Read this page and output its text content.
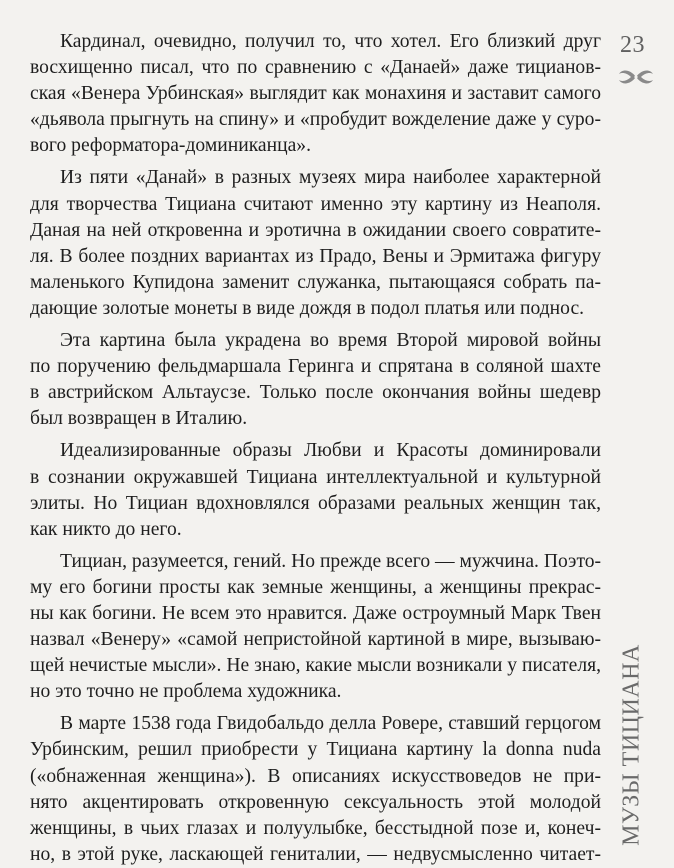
23

Кардинал, очевидно, получил то, что хотел. Его близкий друг
восхищенно писал, что по сравнению с «Данаей» даже тицианов-
ская «Венера Урбинская» выглядит как монахиня и заставит самого
«дьявола прыгнуть на спину» и «пробудит вожделение даже у суро-
вого реформатора-доминиканца».

Из пяти «Данай» в разных музеях мира наиболее характерной
для творчества Тициана считают именно эту картину из Неаполя.
Даная на ней откровенна и эротична в ожидании своего совратите-
ля. В более поздних вариантах из Прадо, Вены и Эрмитажа фигуру
маленького Купидона заменит служанка, пытающаяся собрать па-
дающие золотые монеты в виде дождя в подол платья или поднос.

Эта картина была украдена во время Второй мировой войны
по поручению фельдмаршала Геринга и спрятана в соляной шахте
в австрийском Альтаусзе. Только после окончания войны шедевр
был возвращен в Италию.

Идеализированные образы Любви и Красоты доминировали
в сознании окружавшей Тициана интеллектуальной и культурной
элиты. Но Тициан вдохновлялся образами реальных женщин так,
как никто до него.

Тициан, разумеется, гений. Но прежде всего — мужчина. Поэто-
му его богини просты как земные женщины, а женщины прекрас-
ны как богини. Не всем это нравится. Даже остроумный Марк Твен
назвал «Венеру» «самой непристойной картиной в мире, вызываю-
щей нечистые мысли». Не знаю, какие мысли возникали у писателя,
но это точно не проблема художника.

В марте 1538 года Гвидобальдо делла Ровере, ставший герцогом
Урбинским, решил приобрести у Тициана картину la donna nuda
(«обнаженная женщина»). В описаниях искусствоведов не при-
нято акцентировать откровенную сексуальность этой молодой
женщины, в чьих глазах и полуулыбке, бесстыдной позе и, конеч-
но, в этой руке, ласкающей гениталии, — недвусмысленно читает-

МУЗЫ ТИЦИАНА
